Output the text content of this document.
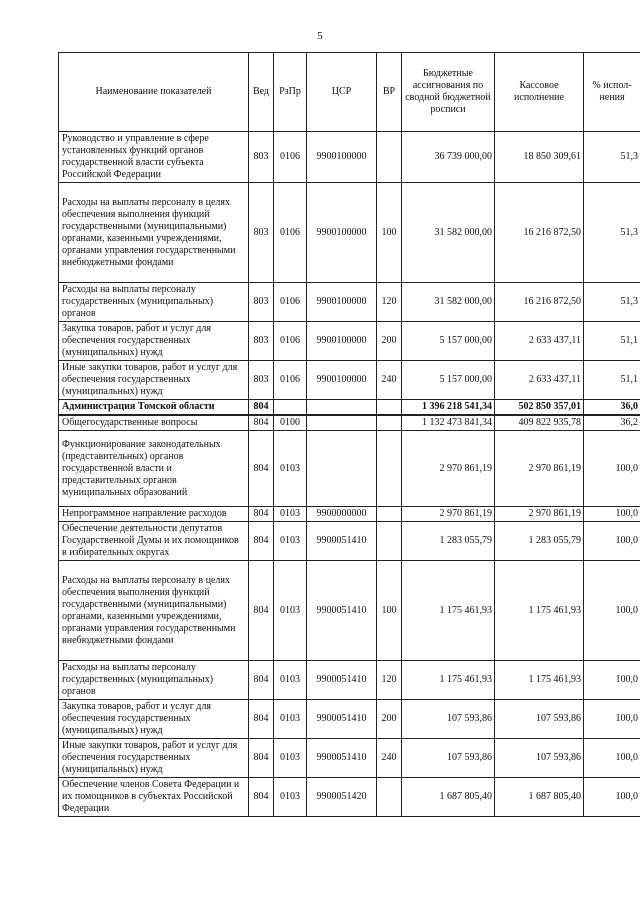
5
Наименование показателей	Вед	РзПр	ЦСР	ВР	Бюджетные ассигнования по сводной бюджетной росписи	Кассовое исполнение	% испол-нения
Руководство и управление в сфере установленных функций органов государственной власти субъекта Российской Федерации	803	0106	9900100000		36 739 000,00	18 850 309,61	51,3
Расходы на выплаты персоналу в целях обеспечения выполнения функций государственными (муниципальными) органами, казенными учреждениями, органами управления государственными внебюджетными фондами	803	0106	9900100000	100	31 582 000,00	16 216 872,50	51,3
Расходы на выплаты персоналу государственных (муниципальных) органов	803	0106	9900100000	120	31 582 000,00	16 216 872,50	51,3
Закупка товаров, работ и услуг для обеспечения государственных (муниципальных) нужд	803	0106	9900100000	200	5 157 000,00	2 633 437,11	51,1
Иные закупки товаров, работ и услуг для обеспечения государственных (муниципальных) нужд	803	0106	9900100000	240	5 157 000,00	2 633 437,11	51,1
Администрация Томской области	804				1 396 218 541,34	502 850 357,01	36,0
Общегосударственные вопросы	804	0100			1 132 473 841,34	409 822 935,78	36,2
Функционирование законодательных (представительных) органов государственной власти и представительных органов муниципальных образований	804	0103			2 970 861,19	2 970 861,19	100,0
Непрограммное направление расходов	804	0103	9900000000		2 970 861,19	2 970 861,19	100,0
Обеспечение деятельности депутатов Государственной Думы и их помощников в избирательных округах	804	0103	9900051410		1 283 055,79	1 283 055,79	100,0
Расходы на выплаты персоналу в целях обеспечения выполнения функций государственными (муниципальными) органами, казенными учреждениями, органами управления государственными внебюджетными фондами	804	0103	9900051410	100	1 175 461,93	1 175 461,93	100,0
Расходы на выплаты персоналу государственных (муниципальных) органов	804	0103	9900051410	120	1 175 461,93	1 175 461,93	100,0
Закупка товаров, работ и услуг для обеспечения государственных (муниципальных) нужд	804	0103	9900051410	200	107 593,86	107 593,86	100,0
Иные закупки товаров, работ и услуг для обеспечения государственных (муниципальных) нужд	804	0103	9900051410	240	107 593,86	107 593,86	100,0
Обеспечение членов Совета Федерации и их помощников в субъектах Российской Федерации	804	0103	9900051420		1 687 805,40	1 687 805,40	100,0
